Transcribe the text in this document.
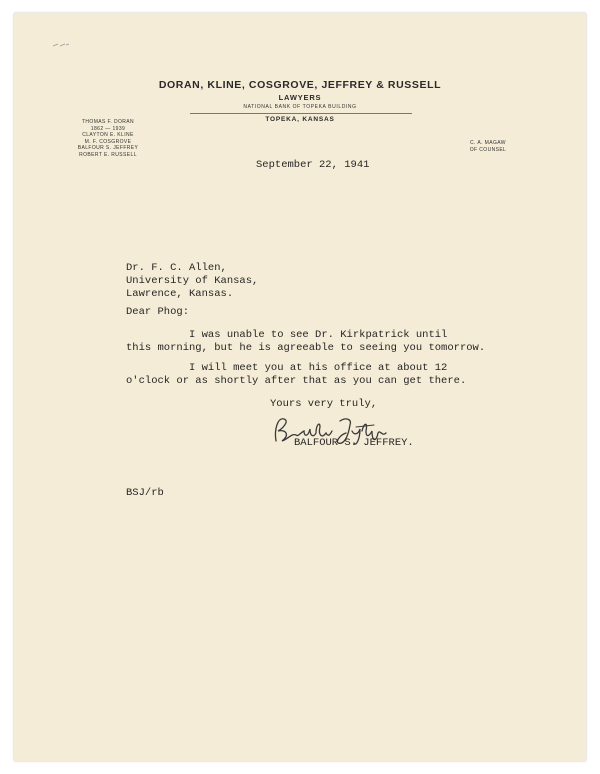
DORAN, KLINE, COSGROVE, JEFFREY & RUSSELL
LAWYERS
NATIONAL BANK OF TOPEKA BUILDING
TOPEKA, KANSAS
THOMAS F. DORAN
1862 — 1939
CLAYTON E. KLINE
M. F. COSGROVE
BALFOUR S. JEFFREY
ROBERT E. RUSSELL
C. A. MAGAW
OF COUNSEL
September 22, 1941
Dr. F. C. Allen,
University of Kansas,
Lawrence, Kansas.
Dear Phog:
I was unable to see Dr. Kirkpatrick until
this morning, but he is agreeable to seeing you tomorrow.
I will meet you at his office at about 12
o'clock or as shortly after that as you can get there.
Yours very truly,
BALFOUR S. JEFFREY.
BSJ/rb
